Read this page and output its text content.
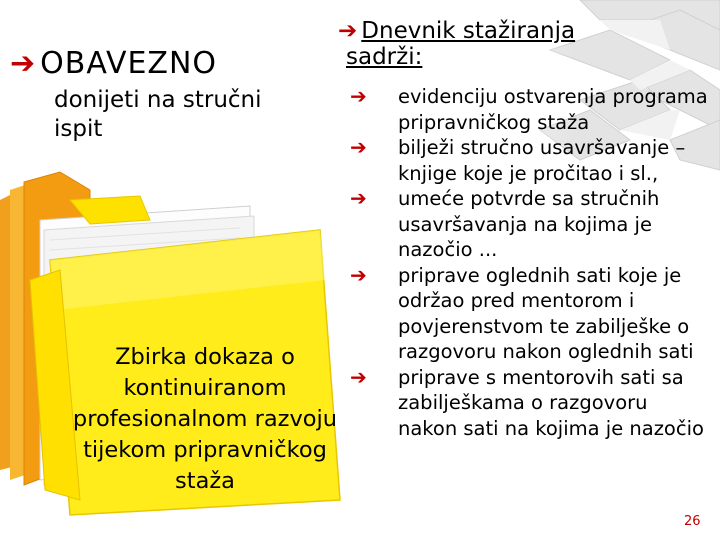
➔ OBAVEZNO
donijeti na stručni ispit
Zbirka dokaza o kontinuiranom profesionalnom razvoju tijekom pripravničkog staža
➔ Dnevnik stažiranja
sadrži:
➔ evidenciju ostvarenja programa pripravničkog staža
➔ bilježi stručno usavršavanje – knjige koje je pročitao i sl.,
➔ umeće potvrde sa stručnih usavršavanja na kojima je nazočio ...
➔ priprave oglednih sati koje je održao pred mentorom i povjerenstvom te zabilješke o razgovoru nakon oglednih sati
➔ priprave s mentorovih sati sa zabilješkama o razgovoru nakon sati na kojima je nazočio
26
